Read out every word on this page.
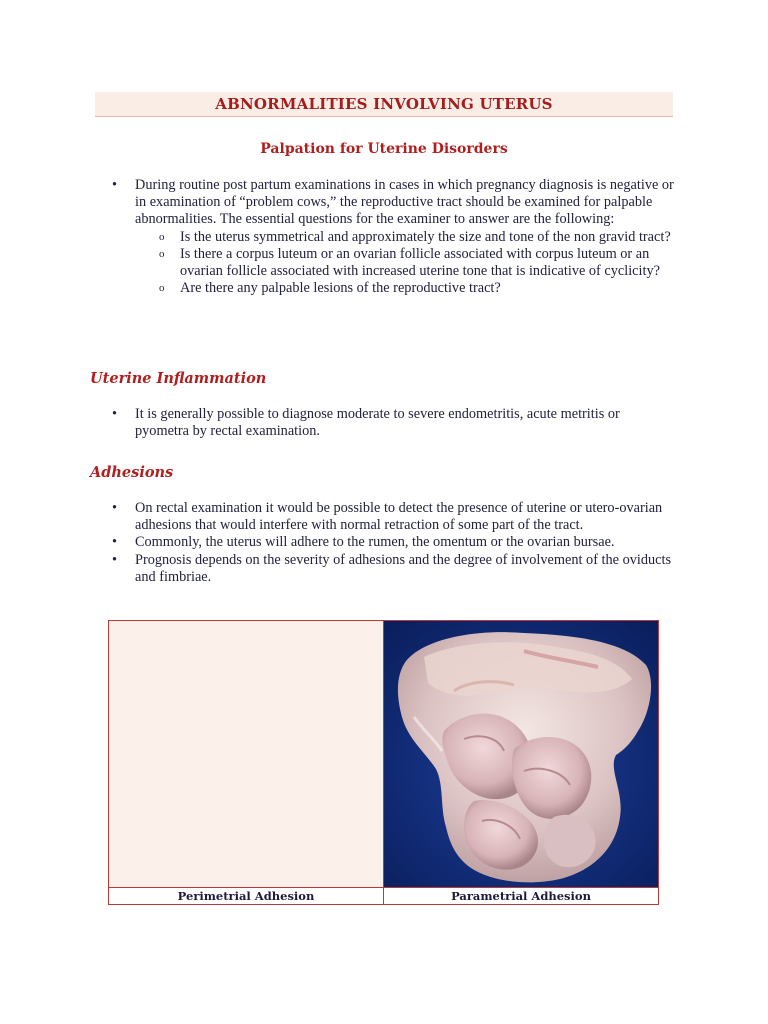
ABNORMALITIES INVOLVING UTERUS
Palpation for Uterine Disorders
• During routine post partum examinations in cases in which pregnancy diagnosis is negative or in examination of “problem cows,” the reproductive tract should be examined for palpable abnormalities. The essential questions for the examiner to answer are the following:
o Is the uterus symmetrical and approximately the size and tone of the non gravid tract?
o Is there a corpus luteum or an ovarian follicle associated with corpus luteum or an ovarian follicle associated with increased uterine tone that is indicative of cyclicity?
o Are there any palpable lesions of the reproductive tract?
Uterine Inflammation
• It is generally possible to diagnose moderate to severe endometritis, acute metritis or pyometra by rectal examination.
Adhesions
• On rectal examination it would be possible to detect the presence of uterine or utero-ovarian adhesions that would interfere with normal retraction of some part of the tract.
• Commonly, the uterus will adhere to the rumen, the omentum or the ovarian bursae.
• Prognosis depends on the severity of adhesions and the degree of involvement of the oviducts and fimbriae.
Perimetrial Adhesion	Parametrial Adhesion
